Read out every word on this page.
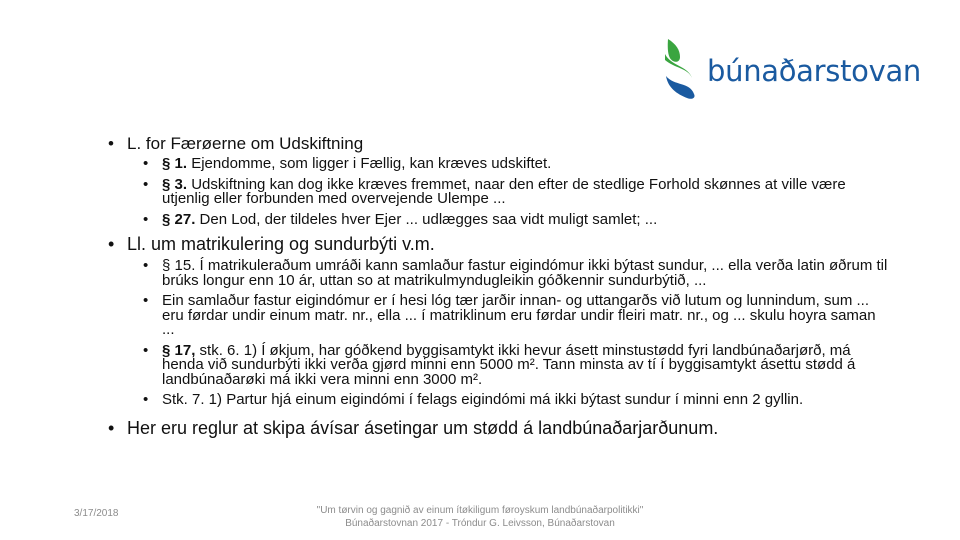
búnaðarstovan
• L. for Færøerne om Udskiftning
• § 1. Ejendomme, som ligger i Fællig, kan kræves udskiftet.
• § 3. Udskiftning kan dog ikke kræves fremmet, naar den efter de stedlige Forhold skønnes at ville være utjenlig eller forbunden med overvejende Ulempe ...
• § 27. Den Lod, der tildeles hver Ejer ... udlægges saa vidt muligt samlet; ...
• Ll. um matrikulering og sundurbýti v.m.
• § 15. Í matrikuleraðum umráði kann samlaður fastur eigindómur ikki býtast sundur, ... ella verða latin øðrum til brúks longur enn 10 ár, uttan so at matrikulmyndugleikin góðkennir sundurbýtið, ...
• Ein samlaður fastur eigindómur er í hesi lóg tær jarðir innan- og uttangarðs við lutum og lunnindum, sum ... eru førdar undir einum matr. nr., ella ... í matriklinum eru førdar undir fleiri matr. nr., og ... skulu hoyra saman ...
• § 17, stk. 6. 1) Í økjum, har góðkend byggisamtykt ikki hevur ásett minstustødd fyri landbúnaðarjørð, má henda við sundurbýti ikki verða gjørd minni enn 5000 m². Tann minsta av tí í byggisamtykt ásettu stødd á landbúnaðarøki má ikki vera minni enn 3000 m².
• Stk. 7. 1) Partur hjá einum eigindómi í felags eigindómi má ikki býtast sundur í minni enn 2 gyllin.
• Her eru reglur at skipa ávísar ásetingar um stødd á landbúnaðarjarðunum.
3/17/2018	"Um tørvin og gagnið av einum ítøkiligum føroyskum landbúnaðarpolitikki"
Búnaðarstovnan 2017 - Tróndur G. Leivsson, Búnaðarstovan
